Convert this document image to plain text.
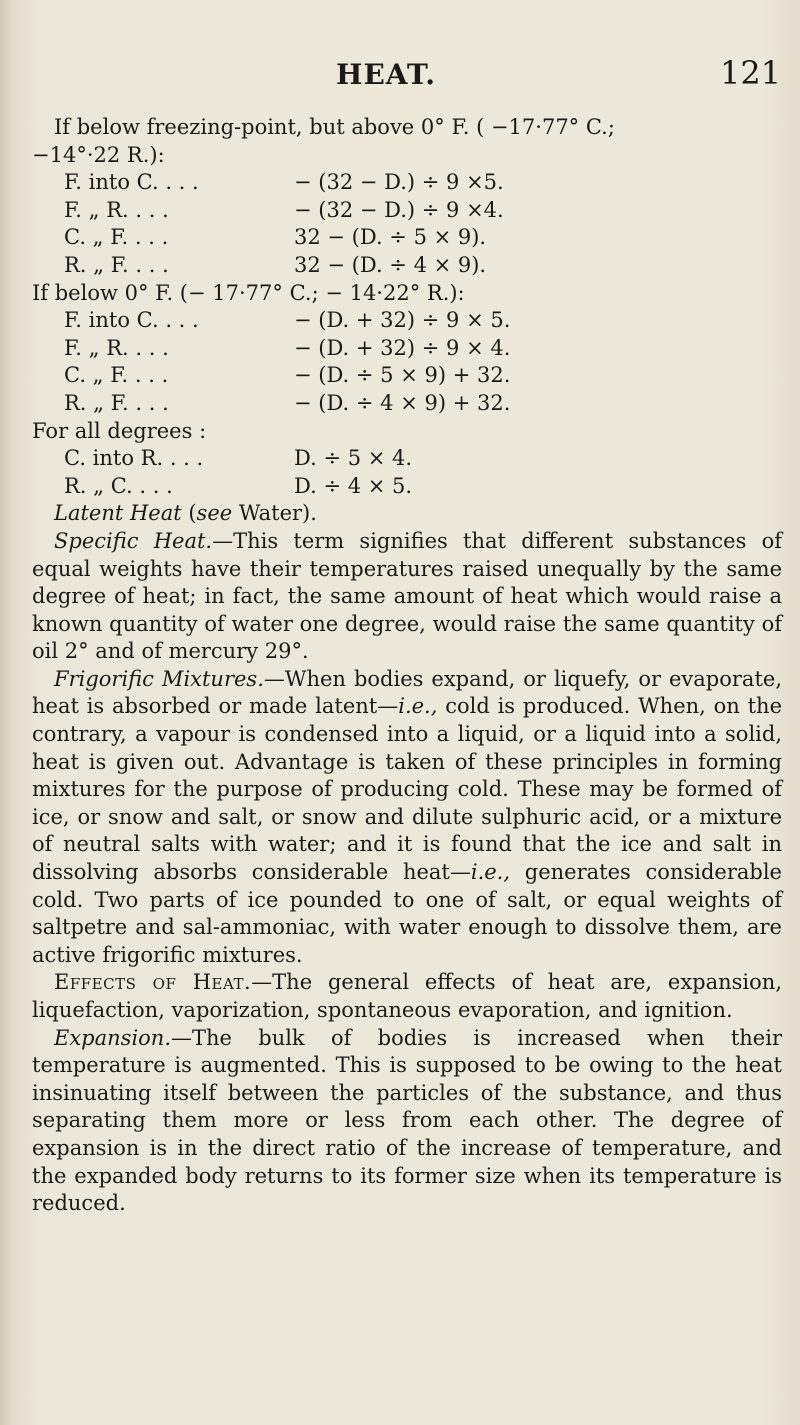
HEAT.	121
If below freezing-point, but above 0° F. ( −17·77° C.;
−14°·22 R.):
F. into C. . . .	− (32 − D.) ÷ 9 ×5.
F. „ R. . . .	− (32 − D.) ÷ 9 ×4.
C. „ F. . . .	32 − (D. ÷ 5 × 9).
R. „ F. . . .	32 − (D. ÷ 4 × 9).
If below 0° F. (− 17·77° C.; − 14·22° R.):
F. into C. . . .	− (D. + 32) ÷ 9 × 5.
F. „ R. . . .	− (D. + 32) ÷ 9 × 4.
C. „ F. . . .	− (D. ÷ 5 × 9) + 32.
R. „ F. . . .	− (D. ÷ 4 × 9) + 32.
For all degrees :
C. into R. . . .	D. ÷ 5 × 4.
R. „ C. . . .	D. ÷ 4 × 5.
Latent Heat (see Water).

Specific Heat.—This term signifies that different substances of equal weights have their temperatures raised unequally by the same degree of heat; in fact, the same amount of heat which would raise a known quantity of water one degree, would raise the same quantity of oil 2° and of mercury 29°.

Frigorific Mixtures.—When bodies expand, or liquefy, or evaporate, heat is absorbed or made latent—i.e., cold is produced. When, on the contrary, a vapour is condensed into a liquid, or a liquid into a solid, heat is given out. Advantage is taken of these principles in forming mixtures for the purpose of producing cold. These may be formed of ice, or snow and salt, or snow and dilute sulphuric acid, or a mixture of neutral salts with water; and it is found that the ice and salt in dissolving absorbs considerable heat—i.e., generates considerable cold. Two parts of ice pounded to one of salt, or equal weights of saltpetre and sal-ammoniac, with water enough to dissolve them, are active frigorific mixtures.

Effects of Heat.—The general effects of heat are, expansion, liquefaction, vaporization, spontaneous evaporation, and ignition.

Expansion.—The bulk of bodies is increased when their temperature is augmented. This is supposed to be owing to the heat insinuating itself between the particles of the substance, and thus separating them more or less from each other. The degree of expansion is in the direct ratio of the increase of temperature, and the expanded body returns to its former size when its temperature is reduced.
